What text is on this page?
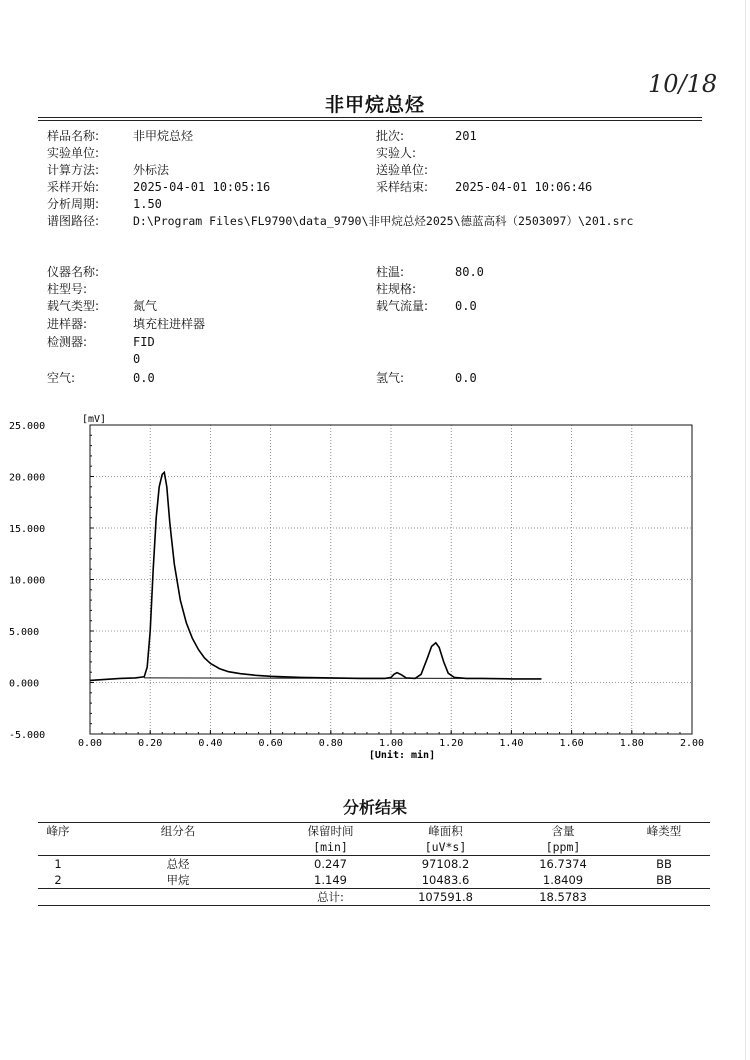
10/18
非甲烷总烃
样品名称:	非甲烷总烃
实验单位:
计算方法:	外标法
采样开始:	2025-04-01 10:05:16
分析周期:	1.50
谱图路径:	D:\Program Files\FL9790\data_9790\非甲烷总烃2025\德蓝高科（2503097）\201.src
批次:	201
实验人:
送验单位:
采样结束: 2025-04-01 10:06:46
仪器名称:
柱型号:
载气类型:	氮气
进样器:	填充柱进样器
检测器:	FID
0
空气:	0.0
柱温:	80.0
柱规格:
载气流量: 0.0
氢气:	0.0
0.00	0.20	0.40	0.60	0.80	1.00	1.20	1.40	1.60	1.80	2.00
25.000
20.000
15.000
10.000
5.000
0.000
-5.000
[mV]
[Unit: min]
分析结果
峰序	组分名	保留时间	峰面积	含量	峰类型
		[min]	[uV*s]	[ppm]	
1	总烃	0.247	97108.2	16.7374	BB
2	甲烷	1.149	10483.6	1.8409	BB
		总计:	107591.8	18.5783	
